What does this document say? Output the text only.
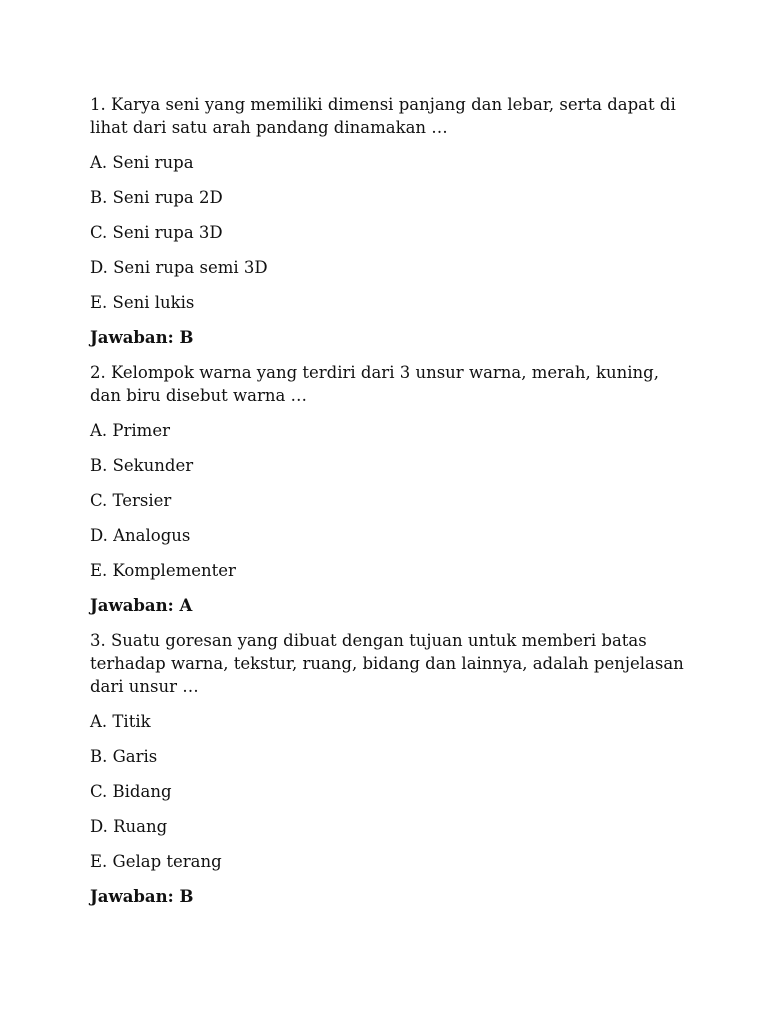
1. Karya seni yang memiliki dimensi panjang dan lebar, serta dapat di lihat dari satu arah pandang dinamakan …

A. Seni rupa

B. Seni rupa 2D

C. Seni rupa 3D

D. Seni rupa semi 3D

E. Seni lukis

Jawaban: B

2. Kelompok warna yang terdiri dari 3 unsur warna, merah, kuning, dan biru disebut warna …

A. Primer

B. Sekunder

C. Tersier

D. Analogus

E. Komplementer

Jawaban: A

3. Suatu goresan yang dibuat dengan tujuan untuk memberi batas terhadap warna, tekstur, ruang, bidang dan lainnya, adalah penjelasan dari unsur …

A. Titik

B. Garis

C. Bidang

D. Ruang

E. Gelap terang

Jawaban: B
